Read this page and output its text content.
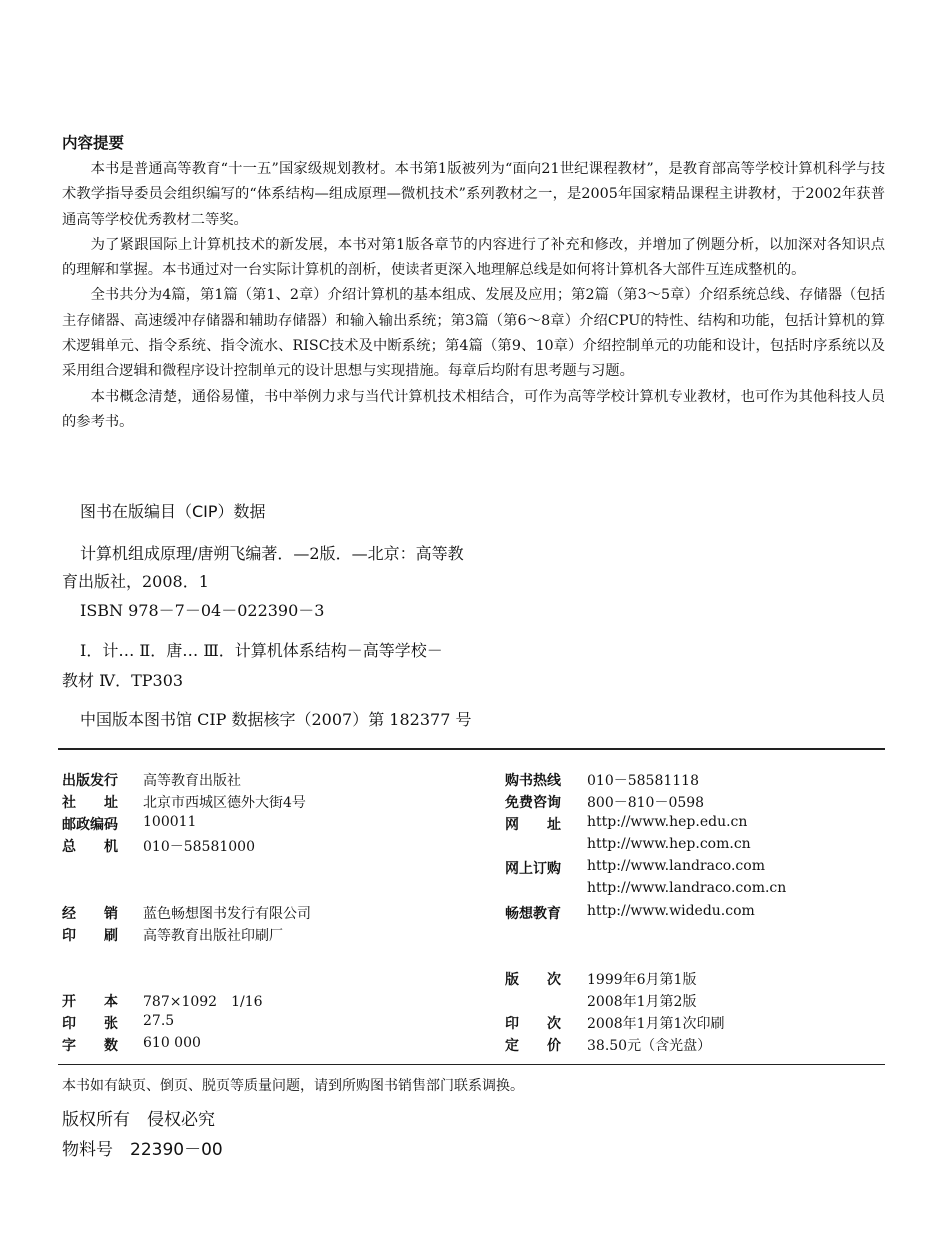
内容提要

本书是普通高等教育“十一五”国家级规划教材。本书第1版被列为“面向21世纪课程教材”，是教育部高等学校计算机科学与技术教学指导委员会组织编写的“体系结构—组成原理—微机技术”系列教材之一，是2005年国家精品课程主讲教材，于2002年获普通高等学校优秀教材二等奖。

为了紧跟国际上计算机技术的新发展，本书对第1版各章节的内容进行了补充和修改，并增加了例题分析，以加深对各知识点的理解和掌握。本书通过对一台实际计算机的剖析，使读者更深入地理解总线是如何将计算机各大部件互连成整机的。

全书共分为4篇，第1篇（第1、2章）介绍计算机的基本组成、发展及应用；第2篇（第3～5章）介绍系统总线、存储器（包括主存储器、高速缓冲存储器和辅助存储器）和输入输出系统；第3篇（第6～8章）介绍CPU的特性、结构和功能，包括计算机的算术逻辑单元、指令系统、指令流水、RISC技术及中断系统；第4篇（第9、10章）介绍控制单元的功能和设计，包括时序系统以及采用组合逻辑和微程序设计控制单元的设计思想与实现措施。每章后均附有思考题与习题。

本书概念清楚，通俗易懂，书中举例力求与当代计算机技术相结合，可作为高等学校计算机专业教材，也可作为其他科技人员的参考书。

图书在版编目（CIP）数据
计算机组成原理/唐朔飞编著．—2版．—北京：高等教
育出版社，2008．1
ISBN 978－7－04－022390－3
Ⅰ．计… Ⅱ．唐… Ⅲ．计算机体系结构－高等学校－
教材 Ⅳ．TP303
中国版本图书馆 CIP 数据核字（2007）第 182377 号
出版发行 高等教育出版社
社　　址 北京市西城区德外大街4号
邮政编码 100011
总　　机 010－58581000
经　　销 蓝色畅想图书发行有限公司
印　　刷 高等教育出版社印刷厂
开　　本 787×1092　1/16
印　　张 27.5
字　　数 610 000
购书热线 010－58581118
免费咨询 800－810－0598
网　　址 http://www.hep.edu.cn
http://www.hep.com.cn
网上订购 http://www.landraco.com
http://www.landraco.com.cn
畅想教育 http://www.widedu.com
版　　次 1999年6月第1版
2008年1月第2版
印　　次 2008年1月第1次印刷
定　　价 38.50元（含光盘）
本书如有缺页、倒页、脱页等质量问题，请到所购图书销售部门联系调换。
版权所有　侵权必究
物料号　22390－00
